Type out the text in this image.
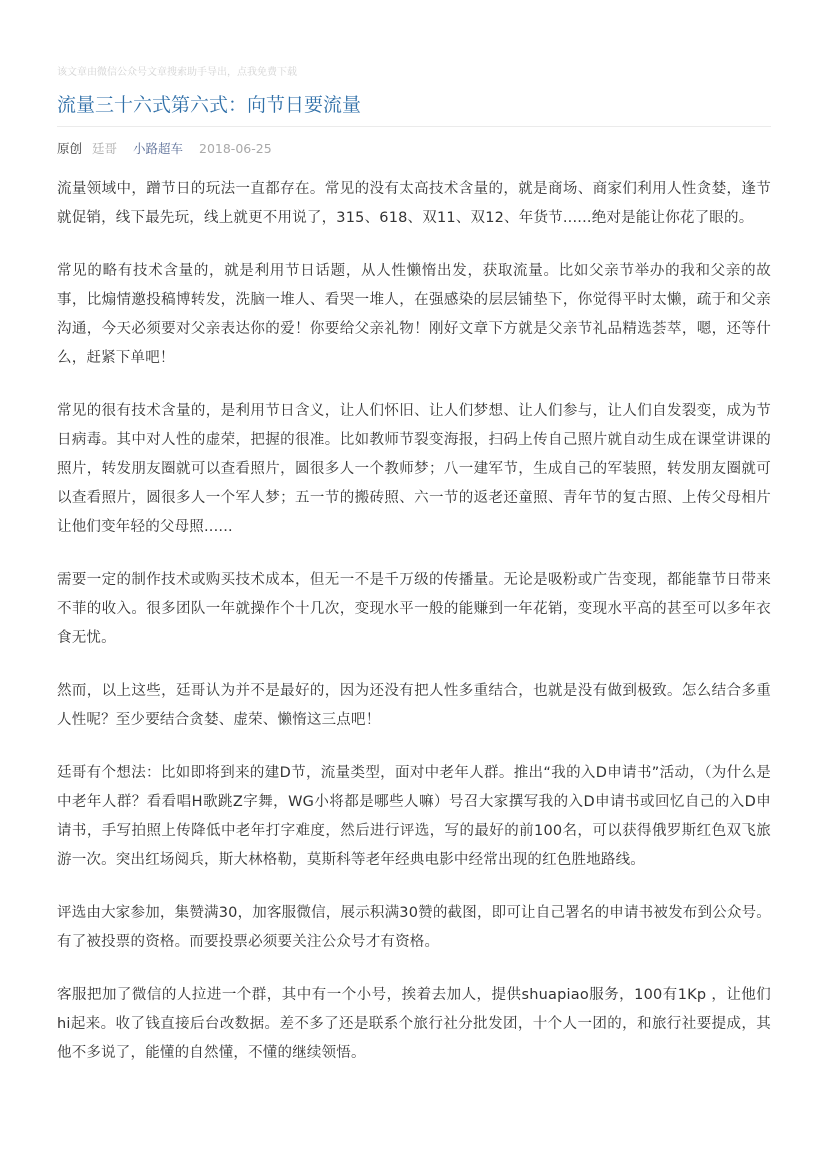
该文章由微信公众号文章搜索助手导出，点我免费下载
流量三十六式第六式：向节日要流量
原创 廷哥 小路超车 2018-06-25

流量领域中，蹭节日的玩法一直都存在。常见的没有太高技术含量的，就是商场、商家们利用人性贪婪，逢节就促销，线下最先玩，线上就更不用说了，315、618、双11、双12、年货节......绝对是能让你花了眼的。

常见的略有技术含量的，就是利用节日话题，从人性懒惰出发，获取流量。比如父亲节举办的我和父亲的故事，比煽情邀投稿博转发，洗脑一堆人、看哭一堆人，在强感染的层层铺垫下，你觉得平时太懒，疏于和父亲沟通，今天必须要对父亲表达你的爱！你要给父亲礼物！刚好文章下方就是父亲节礼品精选荟萃，嗯，还等什么，赶紧下单吧！

常见的很有技术含量的，是利用节日含义，让人们怀旧、让人们梦想、让人们参与，让人们自发裂变，成为节日病毒。其中对人性的虚荣，把握的很准。比如教师节裂变海报，扫码上传自己照片就自动生成在课堂讲课的照片，转发朋友圈就可以查看照片，圆很多人一个教师梦；八一建军节，生成自己的军装照，转发朋友圈就可以查看照片，圆很多人一个军人梦；五一节的搬砖照、六一节的返老还童照、青年节的复古照、上传父母相片让他们变年轻的父母照......

需要一定的制作技术或购买技术成本，但无一不是千万级的传播量。无论是吸粉或广告变现，都能靠节日带来不菲的收入。很多团队一年就操作个十几次，变现水平一般的能赚到一年花销，变现水平高的甚至可以多年衣食无忧。

然而，以上这些，廷哥认为并不是最好的，因为还没有把人性多重结合，也就是没有做到极致。怎么结合多重人性呢？至少要结合贪婪、虚荣、懒惰这三点吧！

廷哥有个想法：比如即将到来的建D节，流量类型，面对中老年人群。推出“我的入D申请书”活动，（为什么是中老年人群？看看唱H歌跳Z字舞，WG小将都是哪些人嘛）号召大家撰写我的入D申请书或回忆自己的入D申请书，手写拍照上传降低中老年打字难度，然后进行评选，写的最好的前100名，可以获得俄罗斯红色双飞旅游一次。突出红场阅兵，斯大林格勒，莫斯科等老年经典电影中经常出现的红色胜地路线。

评选由大家参加，集赞满30，加客服微信，展示积满30赞的截图，即可让自己署名的申请书被发布到公众号。有了被投票的资格。而要投票必须要关注公众号才有资格。

客服把加了微信的人拉进一个群，其中有一个小号，挨着去加人，提供shuapiao服务，100有1Kp ，让他们hi起来。收了钱直接后台改数据。差不多了还是联系个旅行社分批发团，十个人一团的，和旅行社要提成，其他不多说了，能懂的自然懂，不懂的继续领悟。
